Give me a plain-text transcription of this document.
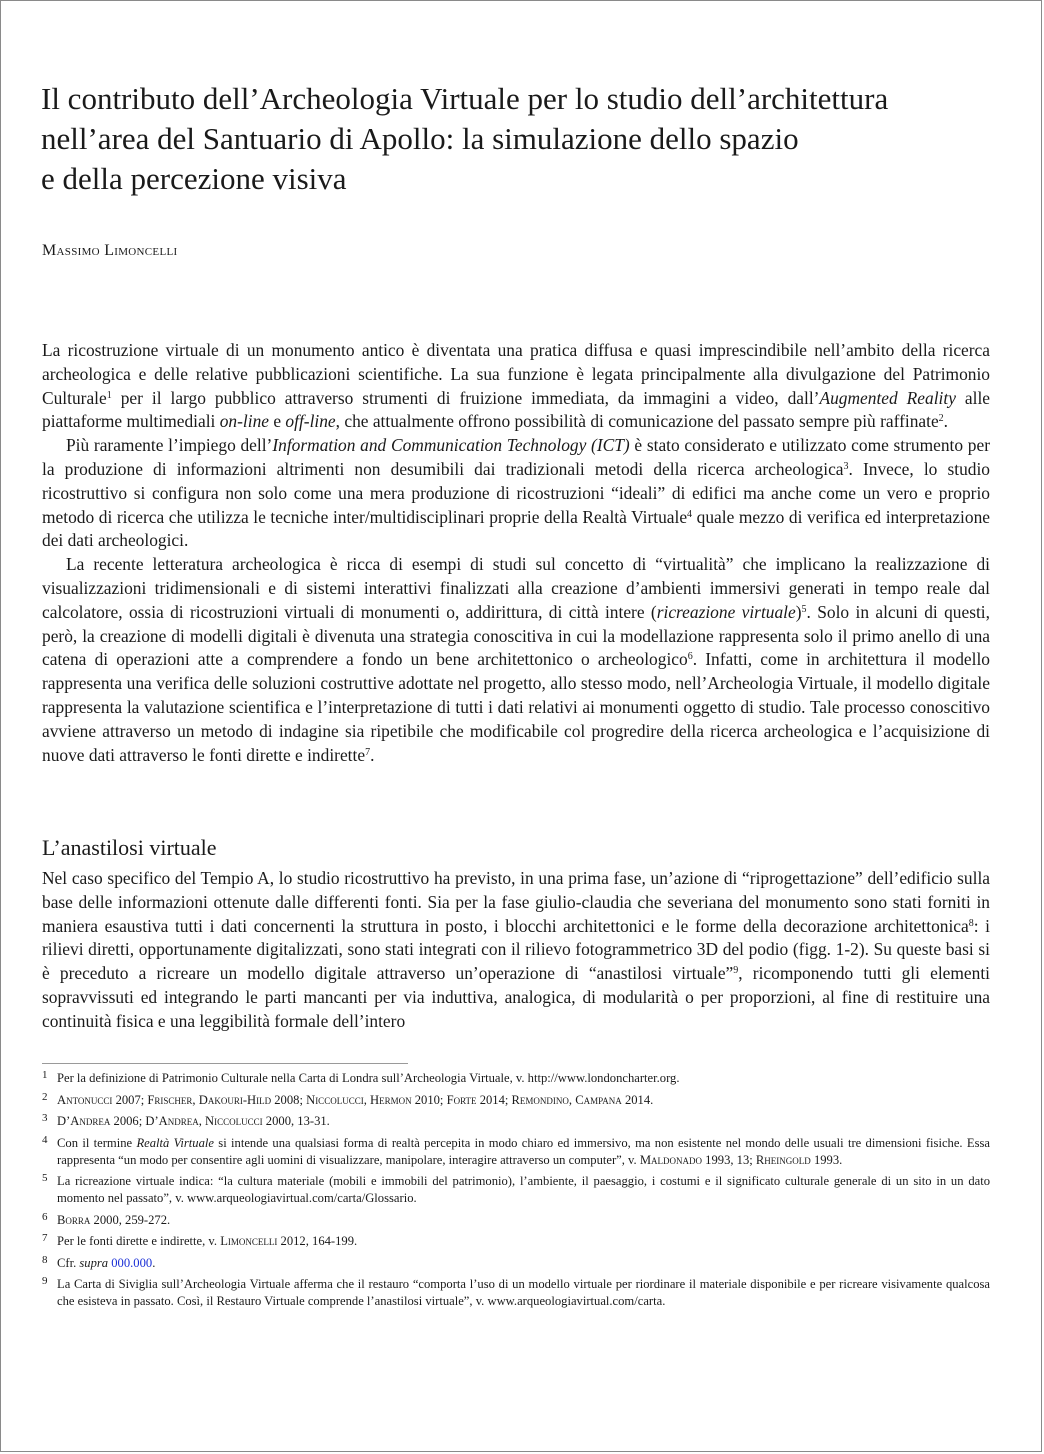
Il contributo dell’Archeologia Virtuale per lo studio dell’architettura
nell’area del Santuario di Apollo: la simulazione dello spazio
e della percezione visiva
Massimo Limoncelli

La ricostruzione virtuale di un monumento antico è diventata una pratica diffusa e quasi imprescindibile nell’ambito della ricerca archeologica e delle relative pubblicazioni scientifiche. La sua funzione è legata principalmente alla divulgazione del Patrimonio Culturale$^1$ per il largo pubblico attraverso strumenti di fruizione immediata, da immagini a video, dall’Augmented Reality alle piattaforme multimediali on-line e off-line, che attualmente offrono possibilità di comunicazione del passato sempre più raffinate$^2$.

Più raramente l’impiego dell’Information and Communication Technology (ICT) è stato considerato e utilizzato come strumento per la produzione di informazioni altrimenti non desumibili dai tradizionali metodi della ricerca archeologica$^3$. Invece, lo studio ricostruttivo si configura non solo come una mera produzione di ricostruzioni “ideali” di edifici ma anche come un vero e proprio metodo di ricerca che utilizza le tecniche inter/multidisciplinari proprie della Realtà Virtuale$^4$ quale mezzo di verifica ed interpretazione dei dati archeologici.

La recente letteratura archeologica è ricca di esempi di studi sul concetto di “virtualità” che implicano la realizzazione di visualizzazioni tridimensionali e di sistemi interattivi finalizzati alla creazione d’ambienti immersivi generati in tempo reale dal calcolatore, ossia di ricostruzioni virtuali di monumenti o, addirittura, di città intere (ricreazione virtuale)$^5$. Solo in alcuni di questi, però, la creazione di modelli digitali è divenuta una strategia conoscitiva in cui la modellazione rappresenta solo il primo anello di una catena di operazioni atte a comprendere a fondo un bene architettonico o archeologico$^6$. Infatti, come in architettura il modello rappresenta una verifica delle soluzioni costruttive adottate nel progetto, allo stesso modo, nell’Archeologia Virtuale, il modello digitale rappresenta la valutazione scientifica e l’interpretazione di tutti i dati relativi ai monumenti oggetto di studio. Tale processo conoscitivo avviene attraverso un metodo di indagine sia ripetibile che modificabile col progredire della ricerca archeologica e l’acquisizione di nuove dati attraverso le fonti dirette e indirette$^7$.

L’anastilosi virtuale

Nel caso specifico del Tempio A, lo studio ricostruttivo ha previsto, in una prima fase, un’azione di “riprogettazione” dell’edificio sulla base delle informazioni ottenute dalle differenti fonti. Sia per la fase giulio-claudia che severiana del monumento sono stati forniti in maniera esaustiva tutti i dati concernenti la struttura in posto, i blocchi architettonici e le forme della decorazione architettonica$^8$: i rilievi diretti, opportunamente digitalizzati, sono stati integrati con il rilievo fotogrammetrico 3D del podio (figg. 1-2). Su queste basi si è preceduto a ricreare un modello digitale attraverso un’operazione di “anastilosi virtuale”$^9$, ricomponendo tutti gli elementi sopravvissuti ed integrando le parti mancanti per via induttiva, analogica, di modularità o per proporzioni, al fine di restituire una continuità fisica e una leggibilità formale dell’intero

1 Per la definizione di Patrimonio Culturale nella Carta di Londra sull’Archeologia Virtuale, v. http://www.londoncharter.org.
2 Antonucci 2007; Frischer, Dakouri-Hild 2008; Niccolucci, Hermon 2010; Forte 2014; Remondino, Campana 2014.
3 D’Andrea 2006; D’Andrea, Niccolucci 2000, 13-31.
4 Con il termine Realtà Virtuale si intende una qualsiasi forma di realtà percepita in modo chiaro ed immersivo, ma non esistente nel mondo delle usuali tre dimensioni fisiche. Essa rappresenta “un modo per consentire agli uomini di visualizzare, manipolare, interagire attraverso un computer”, v. Maldonado 1993, 13; Rheingold 1993.
5 La ricreazione virtuale indica: “la cultura materiale (mobili e immobili del patrimonio), l’ambiente, il paesaggio, i costumi e il significato culturale generale di un sito in un dato momento nel passato”, v. www.arqueologiavirtual.com/carta/Glossario.
6 Borra 2000, 259-272.
7 Per le fonti dirette e indirette, v. Limoncelli 2012, 164-199.
8 Cfr. supra 000.000.
9 La Carta di Siviglia sull’Archeologia Virtuale afferma che il restauro “comporta l’uso di un modello virtuale per riordinare il materiale disponibile e per ricreare visivamente qualcosa che esisteva in passato. Così, il Restauro Virtuale comprende l’anastilosi virtuale”, v. www.arqueologiavirtual.com/carta.
